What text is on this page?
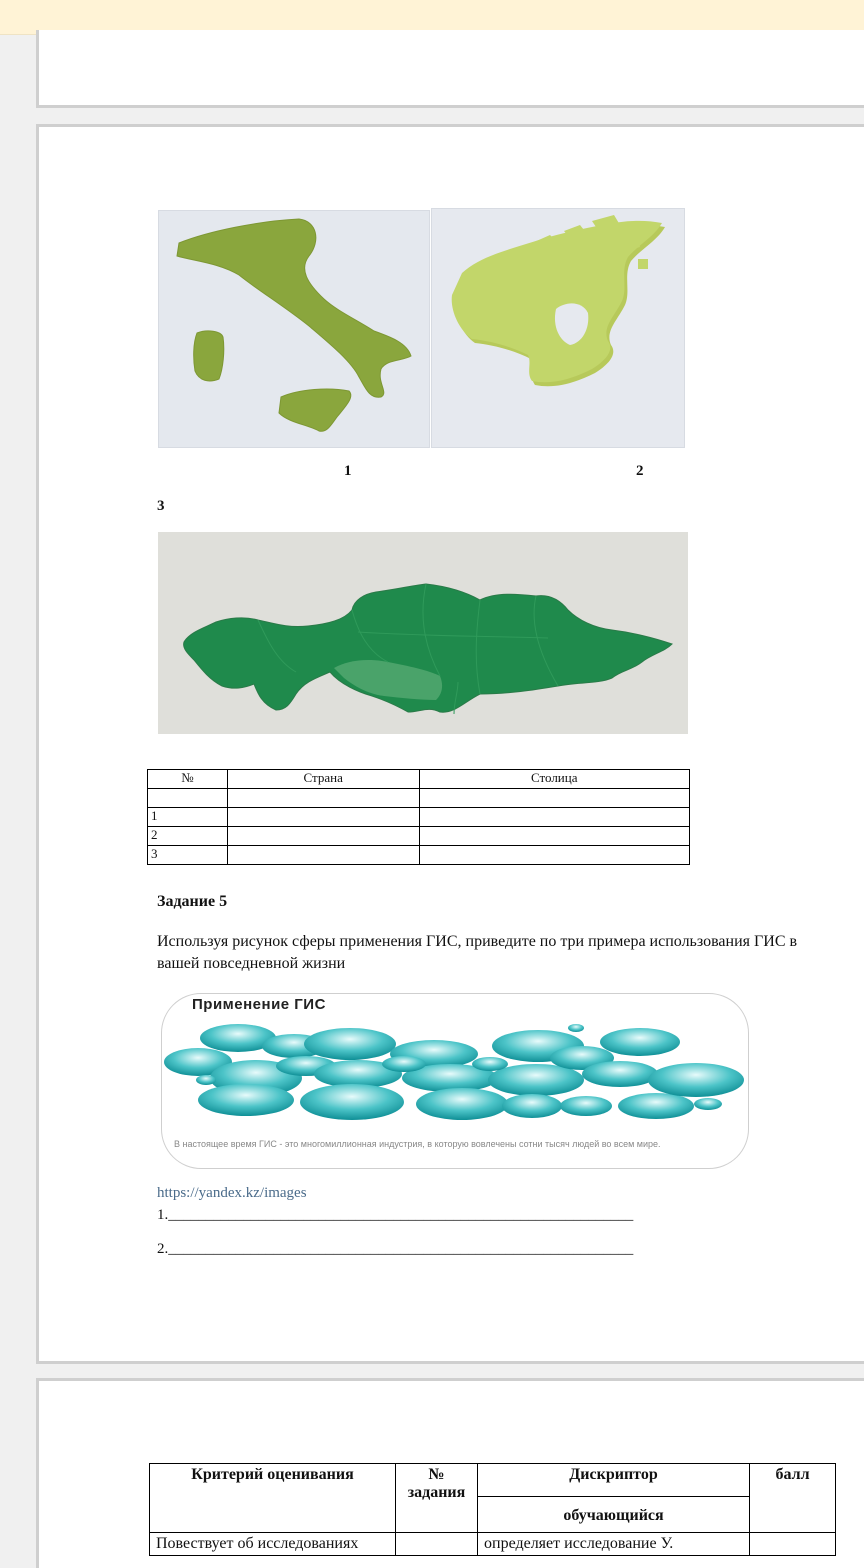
1	2
3
№	Страна	Столица

1		
2		
3		
Задание 5
Используя рисунок сферы применения ГИС, приведите по три примера использования ГИС в вашей повседневной жизни
Применение ГИС
В настоящее время ГИС - это многомиллионная индустрия, в которую вовлечены сотни тысяч людей во всем мире.
https://yandex.kz/images
1.______________________________________________________________
2.______________________________________________________________
Критерий оценивания	№ задания	Дискриптор	балл
		обучающийся	
Повествует об исследованиях		определяет исследование У.	
